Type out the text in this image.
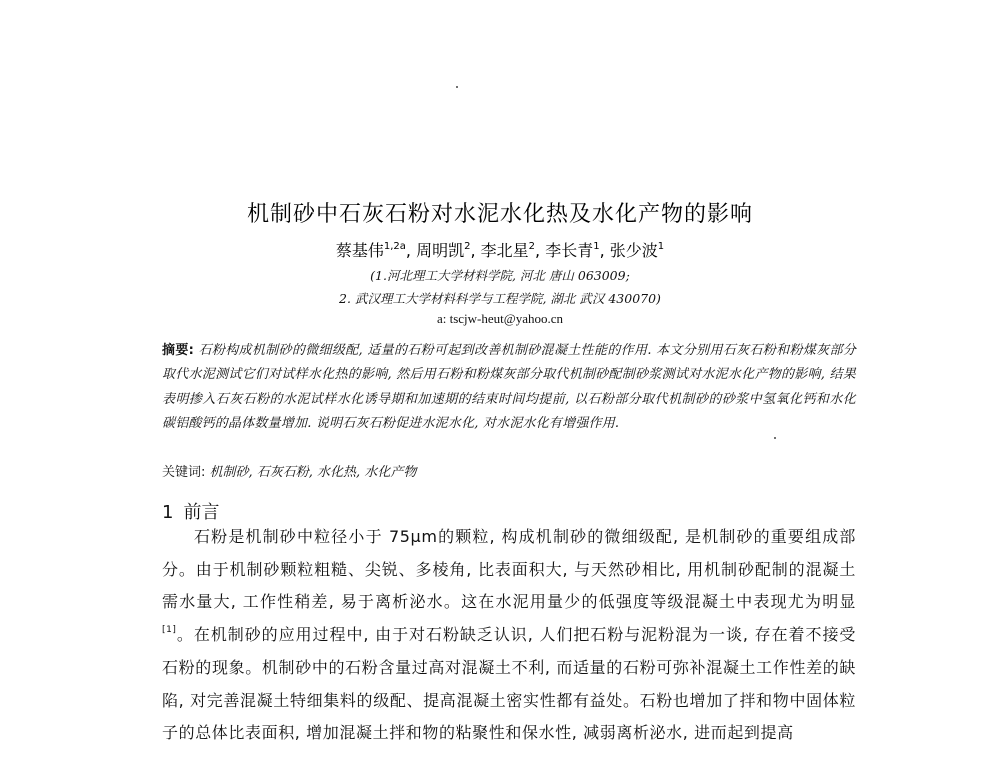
机制砂中石灰石粉对水泥水化热及水化产物的影响
蔡基伟$^{1,2a}$, 周明凯$^2$, 李北星$^2$, 李长青$^1$, 张少波$^1$
(1.河北理工大学材料学院, 河北 唐山 063009;
2. 武汉理工大学材料科学与工程学院, 湖北 武汉 430070)
a: tscjw-heut@yahoo.cn
摘要: 石粉构成机制砂的微细级配, 适量的石粉可起到改善机制砂混凝土性能的作用. 本文分别用石灰石粉和粉煤灰部分取代水泥测试它们对试样水化热的影响, 然后用石粉和粉煤灰部分取代机制砂配制砂浆测试对水泥水化产物的影响, 结果表明掺入石灰石粉的水泥试样水化诱导期和加速期的结束时间均提前, 以石粉部分取代机制砂的砂浆中氢氧化钙和水化碳铝酸钙的晶体数量增加. 说明石灰石粉促进水泥水化, 对水泥水化有增强作用.
关键词: 机制砂, 石灰石粉, 水化热, 水化产物
1 前言
石粉是机制砂中粒径小于 75μm的颗粒, 构成机制砂的微细级配, 是机制砂的重要组成部分。由于机制砂颗粒粗糙、尖锐、多棱角, 比表面积大, 与天然砂相比, 用机制砂配制的混凝土需水量大, 工作性稍差, 易于离析泌水。这在水泥用量少的低强度等级混凝土中表现尤为明显[1]。在机制砂的应用过程中, 由于对石粉缺乏认识, 人们把石粉与泥粉混为一谈, 存在着不接受石粉的现象。机制砂中的石粉含量过高对混凝土不利, 而适量的石粉可弥补混凝土工作性差的缺陷, 对完善混凝土特细集料的级配、提高混凝土密实性都有益处。石粉也增加了拌和物中固体粒子的总体比表面积, 增加混凝土拌和物的粘聚性和保水性, 减弱离析泌水, 进而起到提高
